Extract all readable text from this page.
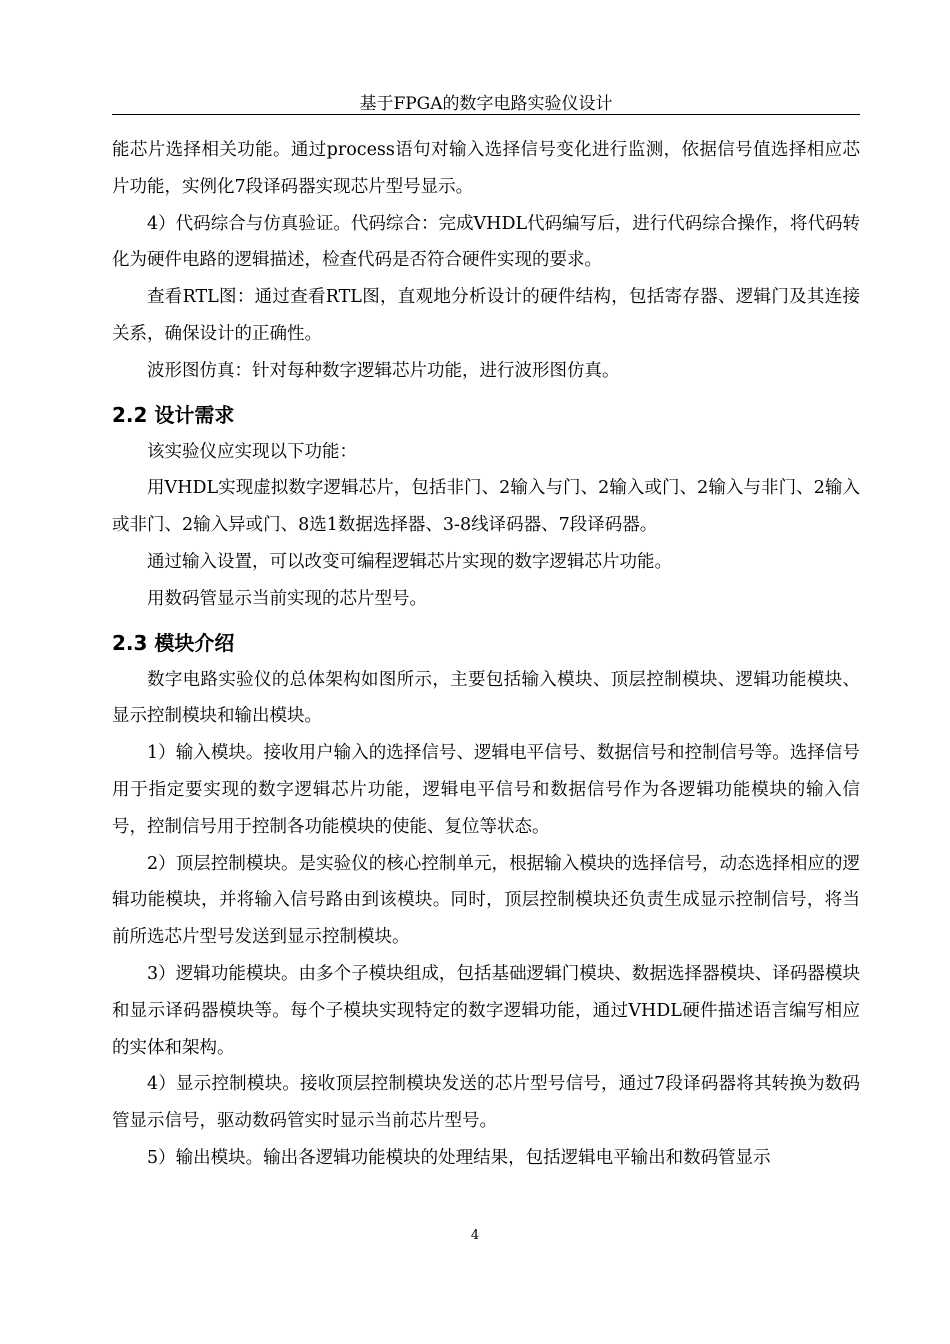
基于FPGA的数字电路实验仪设计

能芯片选择相关功能。通过process语句对输入选择信号变化进行监测，依据信号值选择相应芯片功能，实例化7段译码器实现芯片型号显示。

4）代码综合与仿真验证。代码综合：完成VHDL代码编写后，进行代码综合操作，将代码转化为硬件电路的逻辑描述，检查代码是否符合硬件实现的要求。

查看RTL图：通过查看RTL图，直观地分析设计的硬件结构，包括寄存器、逻辑门及其连接关系，确保设计的正确性。

波形图仿真：针对每种数字逻辑芯片功能，进行波形图仿真。

2.2 设计需求

该实验仪应实现以下功能：

用VHDL实现虚拟数字逻辑芯片，包括非门、2输入与门、2输入或门、2输入与非门、2输入或非门、2输入异或门、8选1数据选择器、3-8线译码器、7段译码器。

通过输入设置，可以改变可编程逻辑芯片实现的数字逻辑芯片功能。

用数码管显示当前实现的芯片型号。

2.3 模块介绍

数字电路实验仪的总体架构如图所示，主要包括输入模块、顶层控制模块、逻辑功能模块、显示控制模块和输出模块。

1）输入模块。接收用户输入的选择信号、逻辑电平信号、数据信号和控制信号等。选择信号用于指定要实现的数字逻辑芯片功能，逻辑电平信号和数据信号作为各逻辑功能模块的输入信号，控制信号用于控制各功能模块的使能、复位等状态。

2）顶层控制模块。是实验仪的核心控制单元，根据输入模块的选择信号，动态选择相应的逻辑功能模块，并将输入信号路由到该模块。同时，顶层控制模块还负责生成显示控制信号，将当前所选芯片型号发送到显示控制模块。

3）逻辑功能模块。由多个子模块组成，包括基础逻辑门模块、数据选择器模块、译码器模块和显示译码器模块等。每个子模块实现特定的数字逻辑功能，通过VHDL硬件描述语言编写相应的实体和架构。

4）显示控制模块。接收顶层控制模块发送的芯片型号信号，通过7段译码器将其转换为数码管显示信号，驱动数码管实时显示当前芯片型号。

5）输出模块。输出各逻辑功能模块的处理结果，包括逻辑电平输出和数码管显示

4
